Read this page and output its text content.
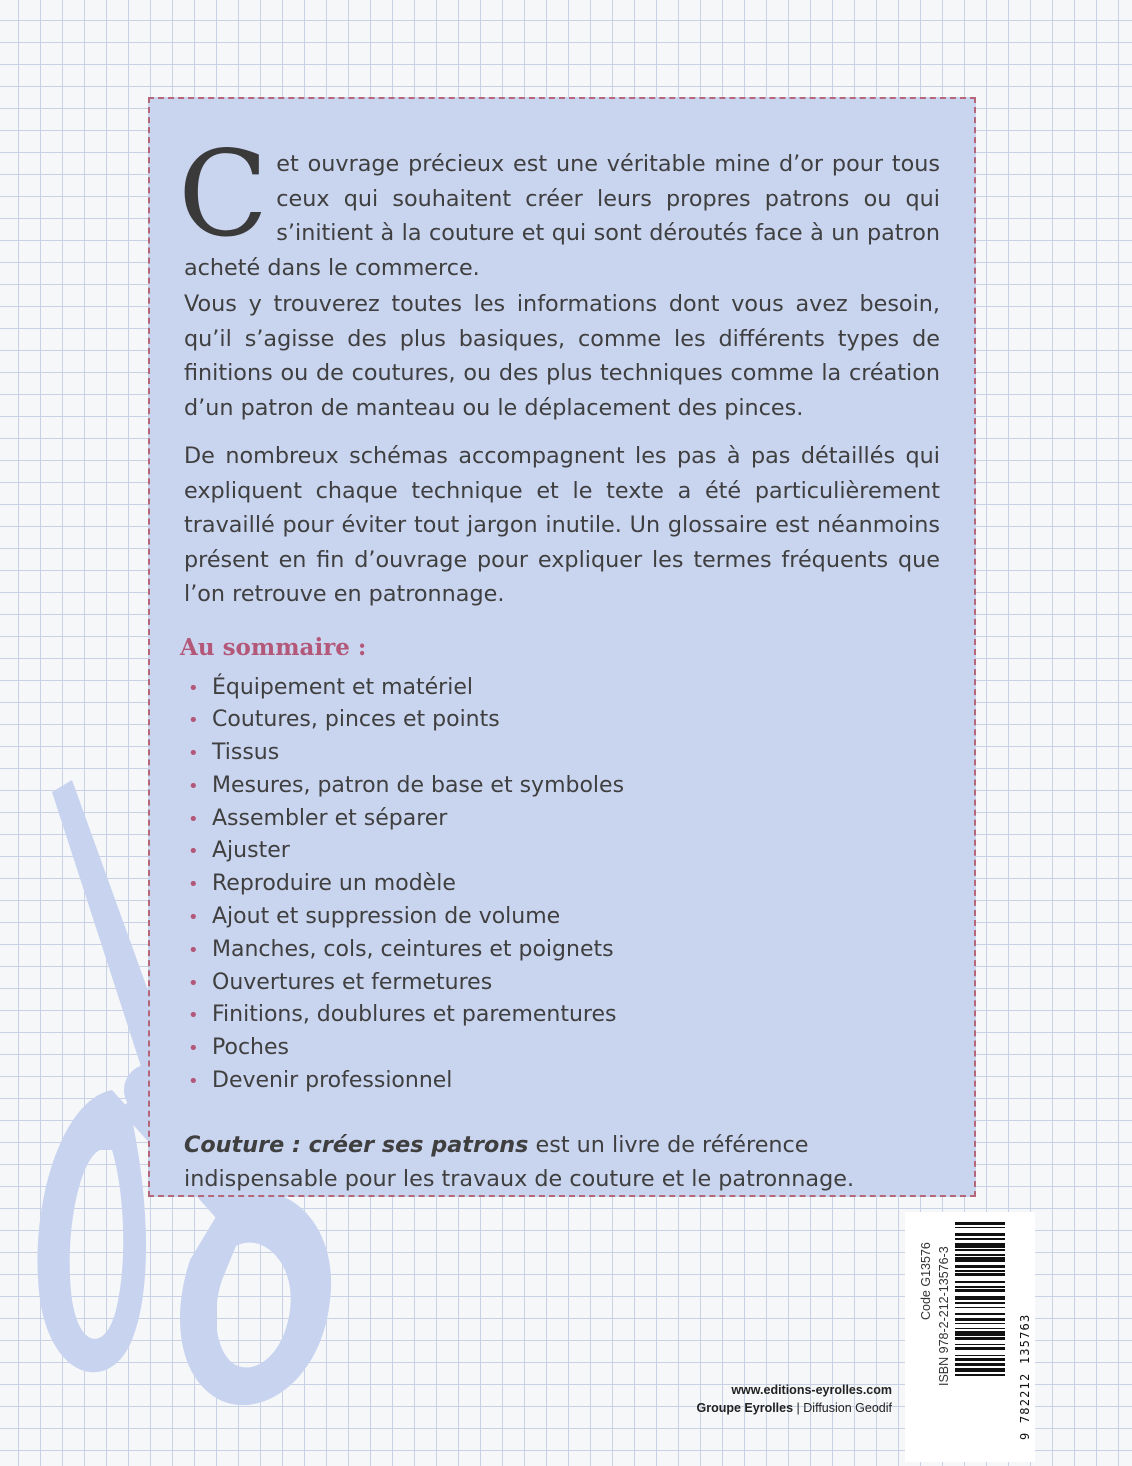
Cet ouvrage précieux est une véritable mine d’or pour tous ceux qui souhaitent créer leurs propres patrons ou qui s’initient à la couture et qui sont déroutés face à un patron acheté dans le commerce.

Vous y trouverez toutes les informations dont vous avez besoin, qu’il s’agisse des plus basiques, comme les différents types de finitions ou de coutures, ou des plus techniques comme la création d’un patron de manteau ou le déplacement des pinces.

De nombreux schémas accompagnent les pas à pas détaillés qui expliquent chaque technique et le texte a été particulièrement travaillé pour éviter tout jargon inutile. Un glossaire est néanmoins présent en fin d’ouvrage pour expliquer les termes fréquents que l’on retrouve en patronnage.

Au sommaire :
• Équipement et matériel
• Coutures, pinces et points
• Tissus
• Mesures, patron de base et symboles
• Assembler et séparer
• Ajuster
• Reproduire un modèle
• Ajout et suppression de volume
• Manches, cols, ceintures et poignets
• Ouvertures et fermetures
• Finitions, doublures et parementures
• Poches
• Devenir professionnel

Couture : créer ses patrons est un livre de référence indispensable pour les travaux de couture et le patronnage.

Code G13576 ISBN 978-2-212-13576-3	9 782212 135763
www.editions-eyrolles.com
Groupe Eyrolles | Diffusion Geodif
